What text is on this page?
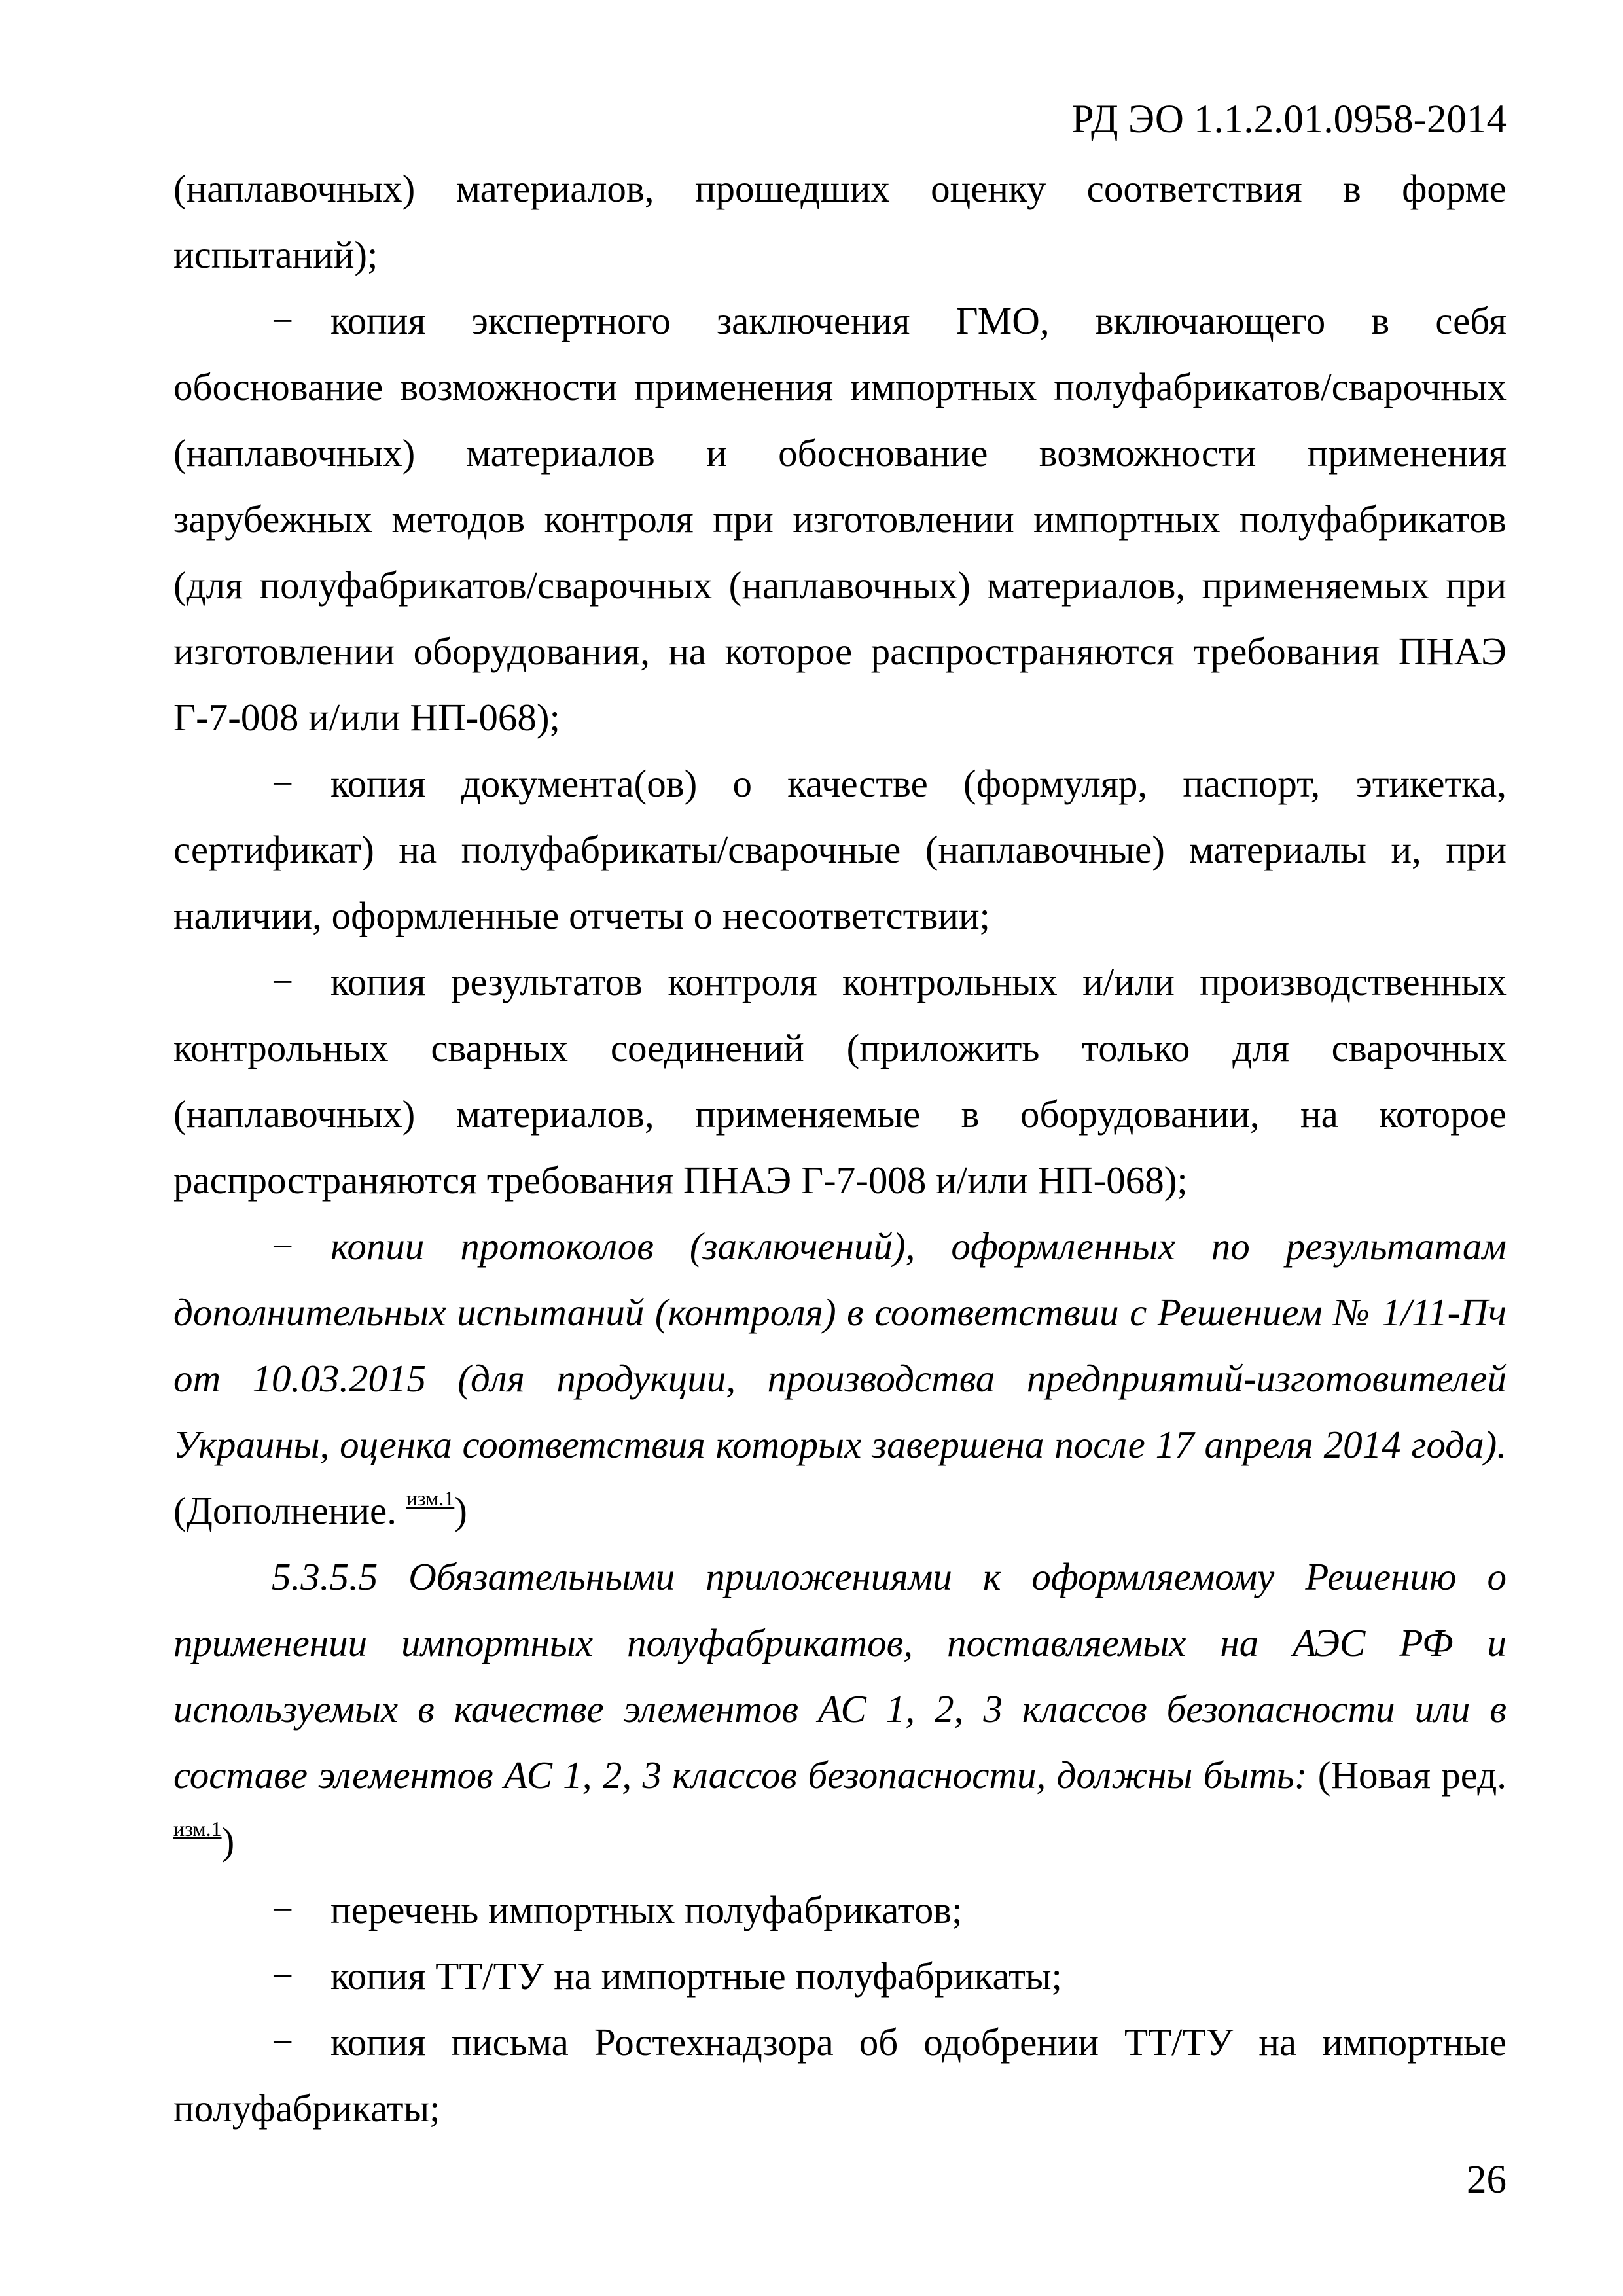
РД ЭО 1.1.2.01.0958-2014

(наплавочных) материалов, прошедших оценку соответствия в форме испытаний);

− копия экспертного заключения ГМО, включающего в себя обоснование возможности применения импортных полуфабрикатов/сварочных (наплавочных) материалов и обоснование возможности применения зарубежных методов контроля при изготовлении импортных полуфабрикатов (для полуфабрикатов/сварочных (наплавочных) материалов, применяемых при изготовлении оборудования, на которое распространяются требования ПНАЭ Г-7-008 и/или НП-068);

− копия документа(ов) о качестве (формуляр, паспорт, этикетка, сертификат) на полуфабрикаты/сварочные (наплавочные) материалы и, при наличии, оформленные отчеты о несоответствии;

− копия результатов контроля контрольных и/или производственных контрольных сварных соединений (приложить только для сварочных (наплавочных) материалов, применяемые в оборудовании, на которое распространяются требования ПНАЭ Г-7-008 и/или НП-068);

− копии протоколов (заключений), оформленных по результатам дополнительных испытаний (контроля) в соответствии с Решением № 1/11-Пч от 10.03.2015 (для продукции, производства предприятий-изготовителей Украины, оценка соответствия которых завершена после 17 апреля 2014 года). (Дополнение. $^{изм.1}$)

5.3.5.5 Обязательными приложениями к оформляемому Решению о применении импортных полуфабрикатов, поставляемых на АЭС РФ и используемых в качестве элементов АС 1, 2, 3 классов безопасности или в составе элементов АС 1, 2, 3 классов безопасности, должны быть: (Новая ред. $^{изм.1}$)

− перечень импортных полуфабрикатов;

− копия ТТ/ТУ на импортные полуфабрикаты;

− копия письма Ростехнадзора об одобрении ТТ/ТУ на импортные полуфабрикаты;

26
